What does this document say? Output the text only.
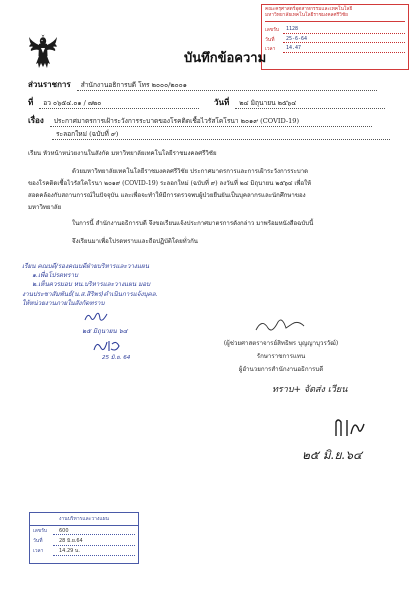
คณะครุศาสตร์อุตสาหกรรมและเทคโนโลยี
มหาวิทยาลัยเทคโนโลยีราชมงคลศรีวิชัย
เลขรับ	1128
วันที่	25-6-64
เวลา	14.47
บันทึกข้อความ
ส่วนราชการ สำนักงานอธิการบดี โทร ๒๐๐๐/๒๐๐๑
ที่ อว ๐๖๕๔.๐๑ / ๗๒๐	วันที่ ๒๔ มิถุนายน ๒๕๖๔
เรื่อง ประกาศมาตรการเฝ้าระวังการระบาดของโรคติดเชื้อไวรัสโคโรนา ๒๐๑๙ (COVID-19)
ระลอกใหม่ (ฉบับที่ ๙)
เรียน หัวหน้าหน่วยงานในสังกัด มหาวิทยาลัยเทคโนโลยีราชมงคลศรีวิชัย
ด้วยมหาวิทยาลัยเทคโนโลยีราชมงคลศรีวิชัย ประกาศมาตรการและการเฝ้าระวังการระบาด
ของโรคติดเชื้อไวรัสโคโรนา ๒๐๑๙ (COVID-19) ระลอกใหม่ (ฉบับที่ ๙) ลงวันที่ ๒๔ มิถุนายน ๒๕๖๔ เพื่อให้
สอดคล้องกับสถานการณ์ในปัจจุบัน และเพื่อจะทำให้มีการตรวจพบผู้ป่วยยืนยันเป็นบุคลากรและนักศึกษาของ
มหาวิทยาลัย
ในการนี้ สำนักงานอธิการบดี จึงขอเรียนแจ้งประกาศมาตรการดังกล่าว มาพร้อมหนังสือฉบับนี้
จึงเรียนมาเพื่อโปรดทราบและถือปฏิบัติโดยทั่วกัน
เรียน คณบดี/รองคณบดีฝ่ายบริหารและวางแผน
๑.เพื่อโปรดทราบ
๒.เห็นควรมอบ หน.บริหารและวางแผน มอบ
งานประชาสัมพันธ์(น.ส.สิริพร)ดำเนินการแจ้งบุคล.
ให้หน่วยงานภายในสังกัดทราบ
๒๕ มิถุนายน ๖๔
25 มิ.ย. 64
(ผู้ช่วยศาสตราจารย์สิทธิพร บุญญาบุวรวัฒ์)
รักษาราชการแทน
ผู้อำนวยการสำนักงานอธิการบดี
ทราบ+ จัดส่ง เวียน
๒๕ มิ.ย.๖๔
งานบริหารและวางแผน
เลขรับ	600
วันที่	28 มิ.ย.64
เวลา	14.29 น.
